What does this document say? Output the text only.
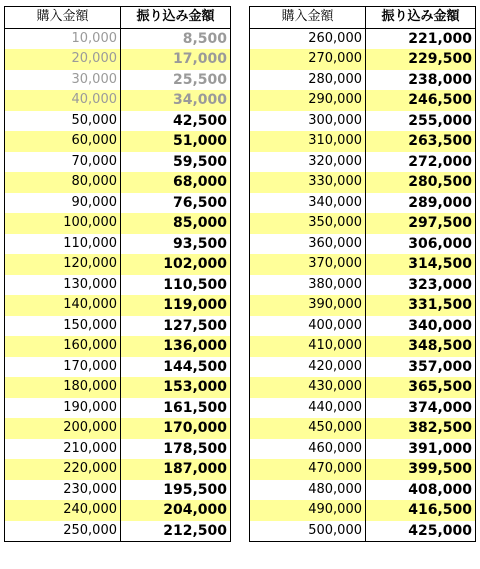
購入金額	振り込み金額
10,000	8,500
20,000	17,000
30,000	25,500
40,000	34,000
50,000	42,500
60,000	51,000
70,000	59,500
80,000	68,000
90,000	76,500
100,000	85,000
110,000	93,500
120,000	102,000
130,000	110,500
140,000	119,000
150,000	127,500
160,000	136,000
170,000	144,500
180,000	153,000
190,000	161,500
200,000	170,000
210,000	178,500
220,000	187,000
230,000	195,500
240,000	204,000
250,000	212,500
購入金額	振り込み金額
260,000	221,000
270,000	229,500
280,000	238,000
290,000	246,500
300,000	255,000
310,000	263,500
320,000	272,000
330,000	280,500
340,000	289,000
350,000	297,500
360,000	306,000
370,000	314,500
380,000	323,000
390,000	331,500
400,000	340,000
410,000	348,500
420,000	357,000
430,000	365,500
440,000	374,000
450,000	382,500
460,000	391,000
470,000	399,500
480,000	408,000
490,000	416,500
500,000	425,000
